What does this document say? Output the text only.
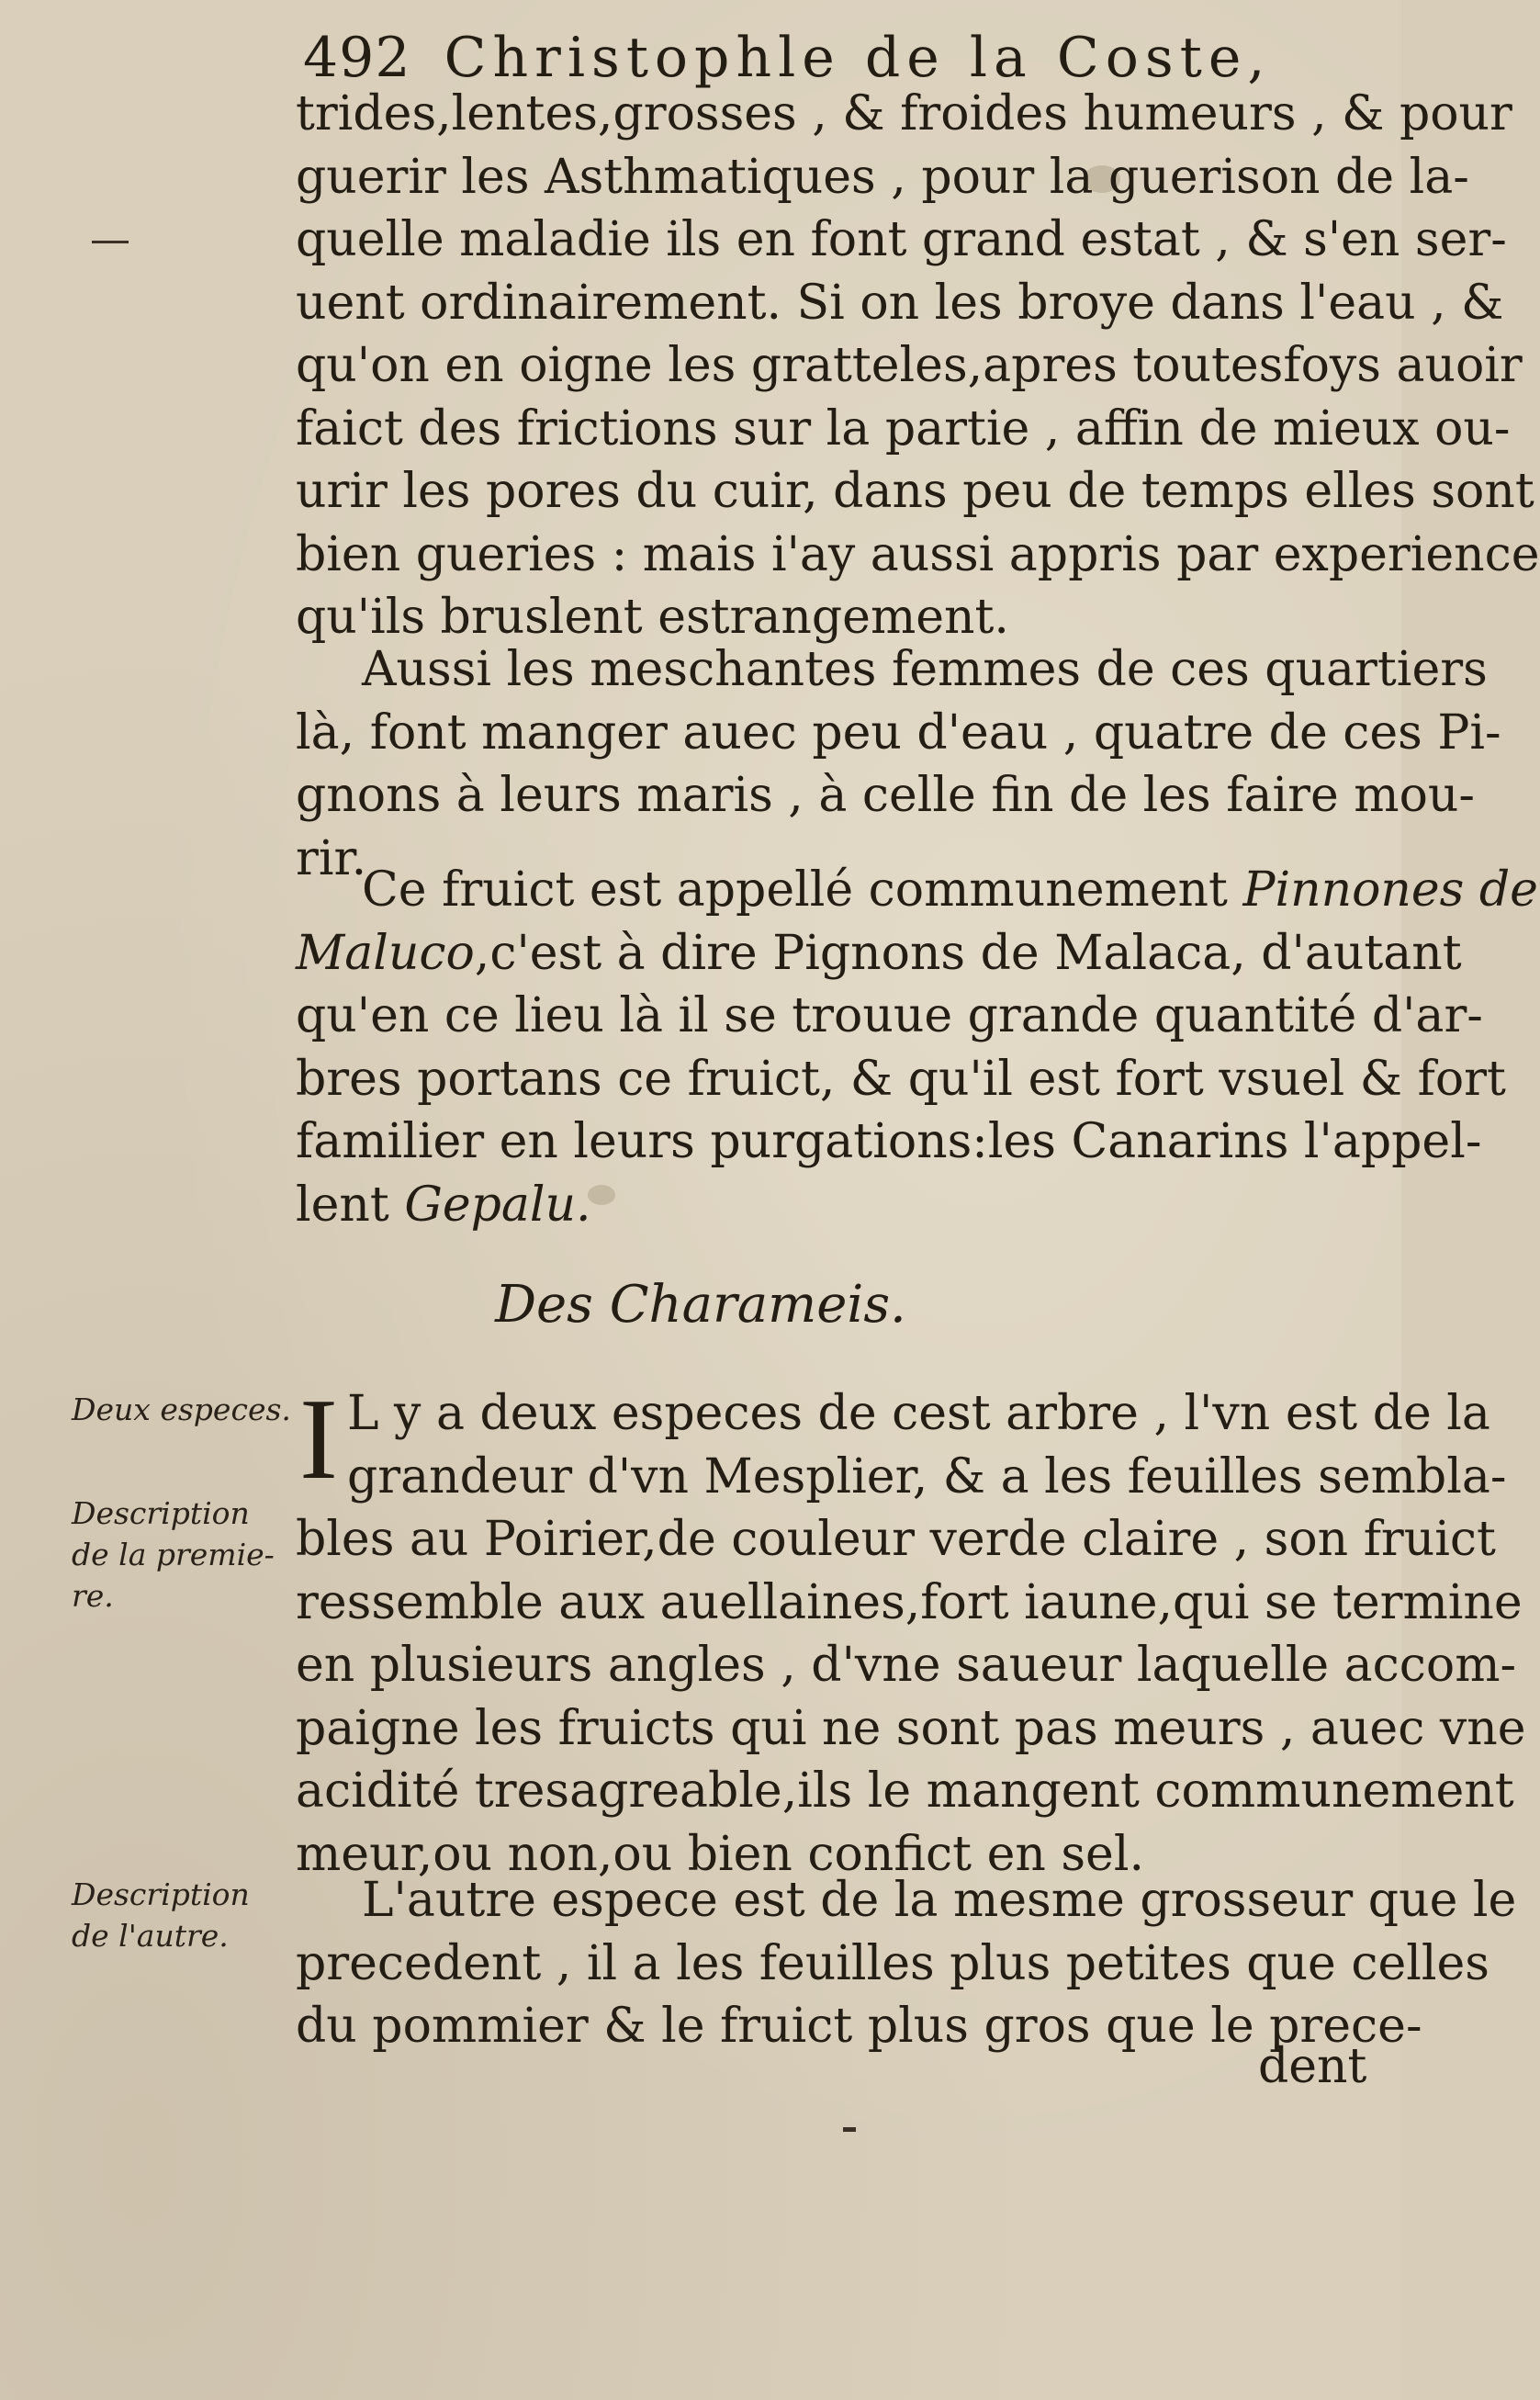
492 Christophle de la Coste,
trides,lentes,grosses , & froides humeurs , & pour
guerir les Asthmatiques , pour la guerison de la-
quelle maladie ils en font grand estat , & s'en ser-
uent ordinairement. Si on les broye dans l'eau , &
qu'on en oigne les gratteles,apres toutesfoys auoir
faict des frictions sur la partie , affin de mieux ou-
urir les pores du cuir, dans peu de temps elles sont
bien gueries : mais i'ay aussi appris par experience
qu'ils bruslent estrangement.
Aussi les meschantes femmes de ces quartiers
là, font manger auec peu d'eau , quatre de ces Pi-
gnons à leurs maris , à celle fin de les faire mou-
rir.
Ce fruict est appellé communement Pinnones de
Maluco,c'est à dire Pignons de Malaca, d'autant
qu'en ce lieu là il se trouue grande quantité d'ar-
bres portans ce fruict, & qu'il est fort vsuel & fort
familier en leurs purgations:les Canarins l'appel-
lent Gepalu.
Des Charameis.
I L y a deux especes de cest arbre , l'vn est de la
grandeur d'vn Mesplier, & a les feuilles sembla-
bles au Poirier,de couleur verde claire , son fruict
ressemble aux auellaines,fort iaune,qui se termine
en plusieurs angles , d'vne saueur laquelle accom-
paigne les fruicts qui ne sont pas meurs , auec vne
acidité tresagreable,ils le mangent communement
meur,ou non,ou bien confict en sel.
L'autre espece est de la mesme grosseur que le
precedent , il a les feuilles plus petites que celles
du pommier & le fruict plus gros que le prece-
dent
Deux especes.
Description
de la premie-
re.
Description
de l'autre.
